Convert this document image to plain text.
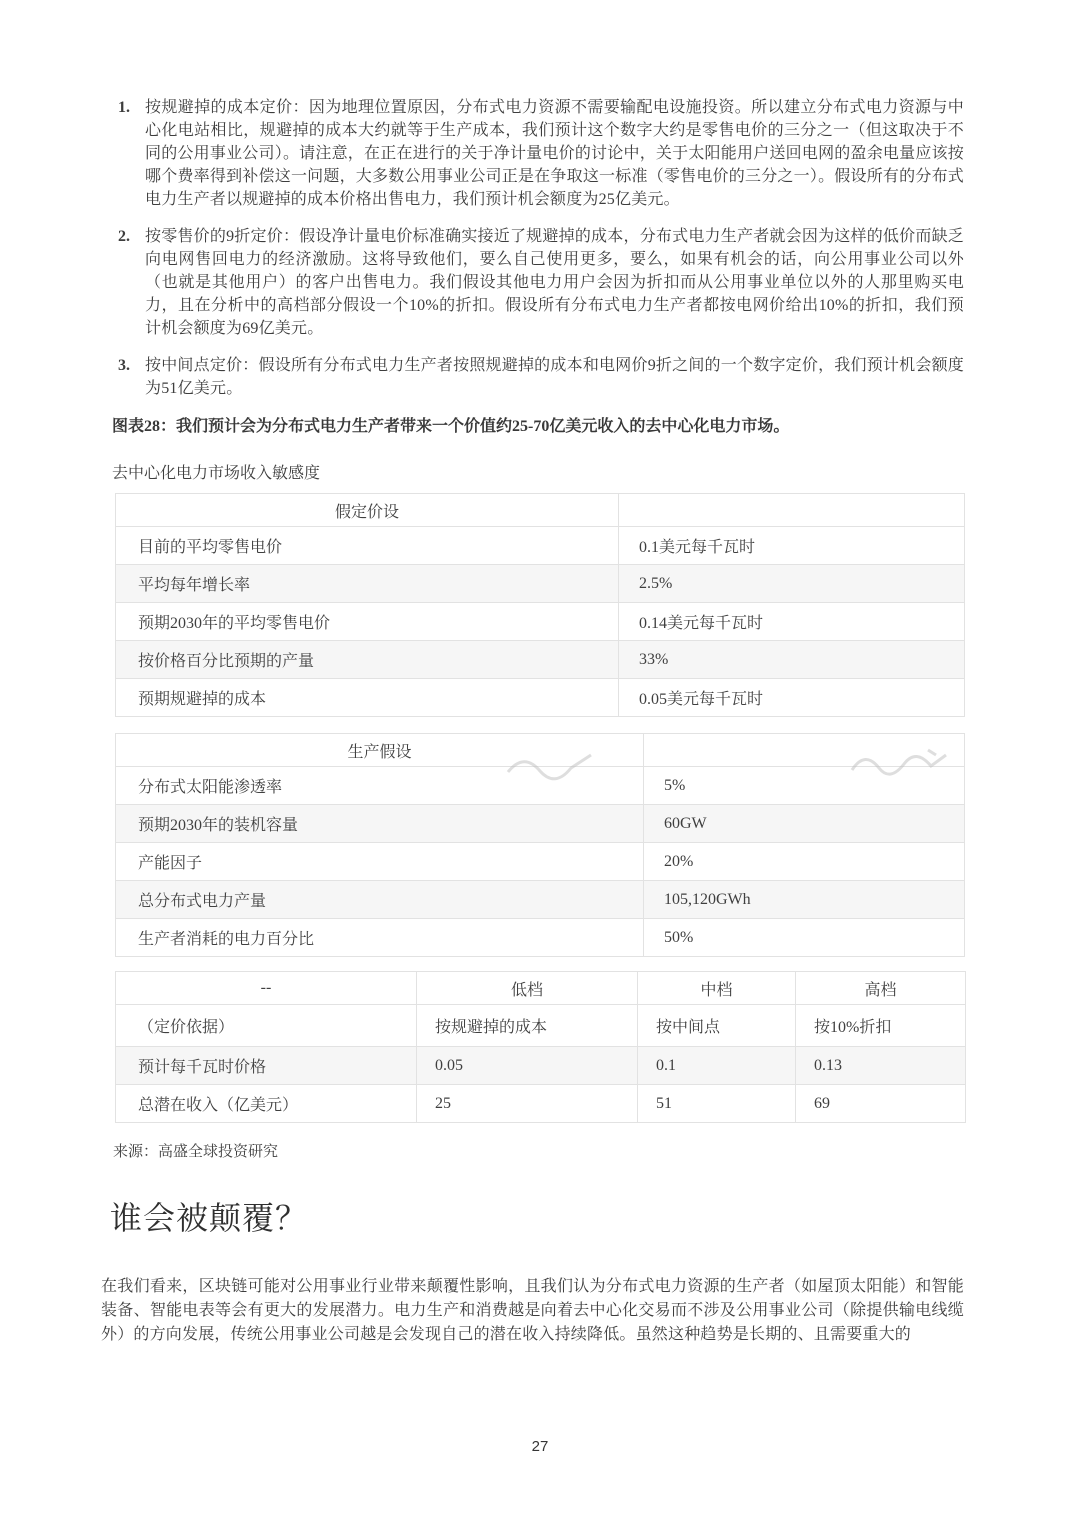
1. 按规避掉的成本定价：因为地理位置原因，分布式电力资源不需要输配电设施投资。所以建立分布式电力资源与中心化电站相比，规避掉的成本大约就等于生产成本，我们预计这个数字大约是零售电价的三分之一（但这取决于不同的公用事业公司）。请注意，在正在进行的关于净计量电价的讨论中，关于太阳能用户送回电网的盈余电量应该按哪个费率得到补偿这一问题，大多数公用事业公司正是在争取这一标准（零售电价的三分之一）。假设所有的分布式电力生产者以规避掉的成本价格出售电力，我们预计机会额度为25亿美元。
2. 按零售价的9折定价：假设净计量电价标准确实接近了规避掉的成本，分布式电力生产者就会因为这样的低价而缺乏向电网售回电力的经济激励。这将导致他们，要么自己使用更多，要么，如果有机会的话，向公用事业公司以外（也就是其他用户）的客户出售电力。我们假设其他电力用户会因为折扣而从公用事业单位以外的人那里购买电力，且在分析中的高档部分假设一个10%的折扣。假设所有分布式电力生产者都按电网价给出10%的折扣，我们预计机会额度为69亿美元。
3. 按中间点定价：假设所有分布式电力生产者按照规避掉的成本和电网价9折之间的一个数字定价，我们预计机会额度为51亿美元。
图表28：我们预计会为分布式电力生产者带来一个价值约25-70亿美元收入的去中心化电力市场。
去中心化电力市场收入敏感度
假定价设	
目前的平均零售电价	0.1美元每千瓦时
平均每年增长率	2.5%
预期2030年的平均零售电价	0.14美元每千瓦时
按价格百分比预期的产量	33%
预期规避掉的成本	0.05美元每千瓦时
生产假设	
分布式太阳能渗透率	5%
预期2030年的装机容量	60GW
产能因子	20%
总分布式电力产量	105,120GWh
生产者消耗的电力百分比	50%
--	低档	中档	高档
（定价依据）	按规避掉的成本	按中间点	按10%折扣
预计每千瓦时价格	0.05	0.1	0.13
总潜在收入（亿美元）	25	51	69
来源：高盛全球投资研究
谁会被颠覆？

在我们看来，区块链可能对公用事业行业带来颠覆性影响，且我们认为分布式电力资源的生产者（如屋顶太阳能）和智能装备、智能电表等会有更大的发展潜力。电力生产和消费越是向着去中心化交易而不涉及公用事业公司（除提供输电线缆外）的方向发展，传统公用事业公司越是会发现自己的潜在收入持续降低。虽然这种趋势是长期的、且需要重大的

27
